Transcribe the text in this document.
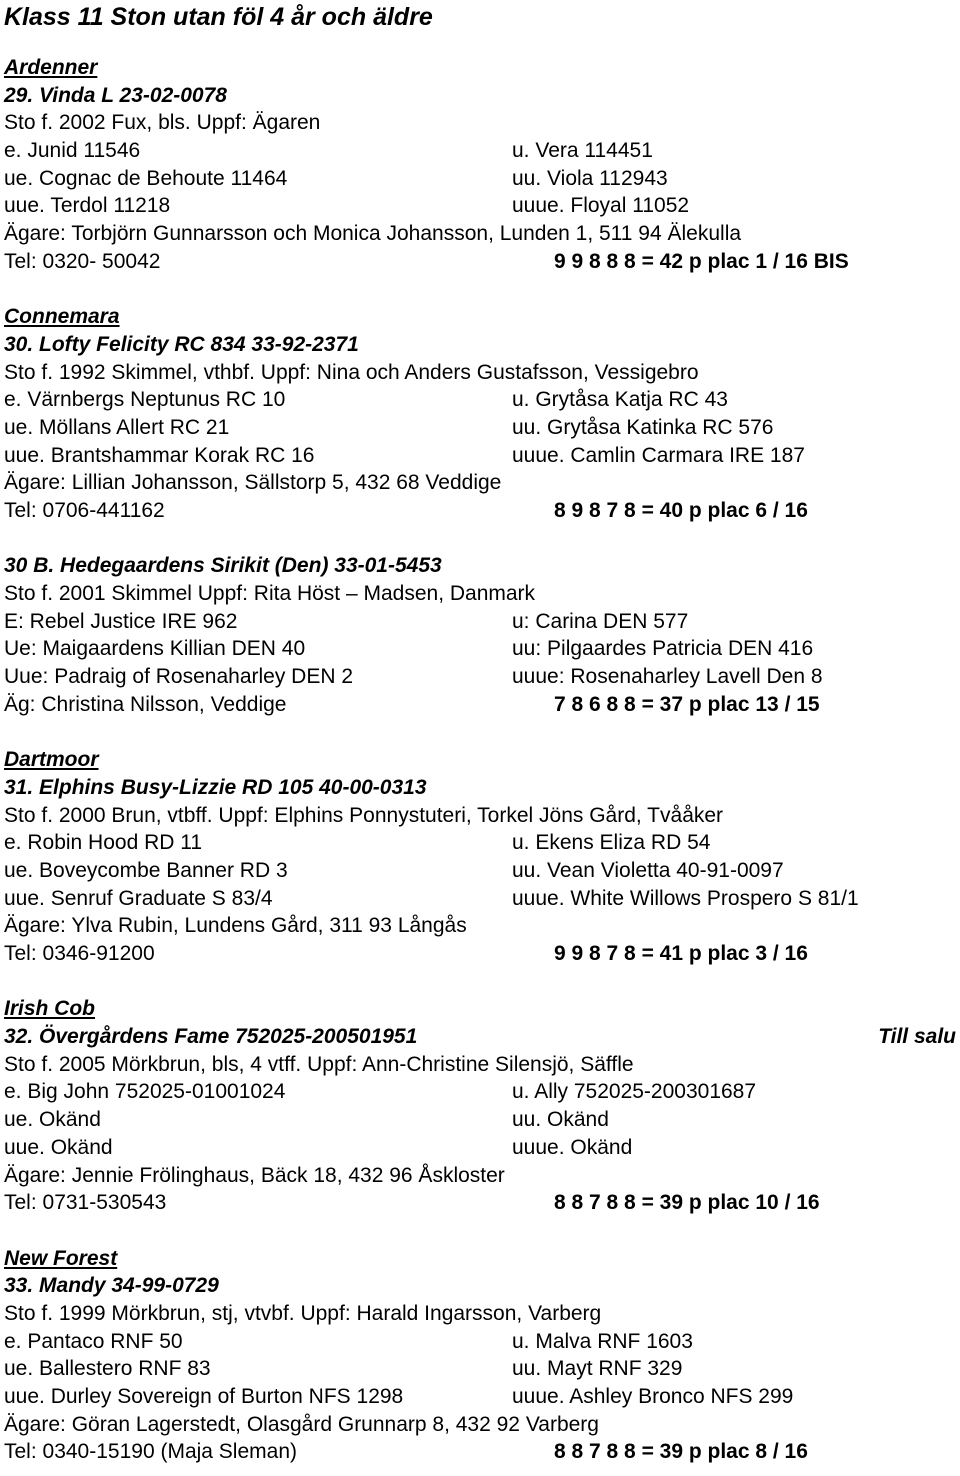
Klass 11 Ston utan föl 4 år och äldre
Ardenner
29. Vinda L 23-02-0078
Sto f. 2002 Fux, bls. Uppf: Ägaren
e. Junid 11546	u. Vera 114451
ue. Cognac de Behoute 11464	uu. Viola 112943
uue. Terdol 11218	uuue. Floyal 11052
Ägare: Torbjörn Gunnarsson och Monica Johansson, Lunden 1, 511 94 Älekulla
Tel: 0320- 50042	9 9 8 8 8 = 42 p plac 1 / 16 BIS
Connemara
30. Lofty Felicity RC 834 33-92-2371
Sto f. 1992 Skimmel, vthbf. Uppf: Nina och Anders Gustafsson, Vessigebro
e. Värnbergs Neptunus RC 10	u. Grytåsa Katja RC 43
ue. Möllans Allert RC 21	uu. Grytåsa Katinka RC 576
uue. Brantshammar Korak RC 16	uuue. Camlin Carmara IRE 187
Ägare: Lillian Johansson, Sällstorp 5, 432 68 Veddige
Tel: 0706-441162	8 9 8 7 8 = 40 p plac 6 / 16
30 B. Hedegaardens Sirikit (Den) 33-01-5453
Sto f. 2001 Skimmel Uppf: Rita Höst – Madsen, Danmark
E: Rebel Justice IRE 962	u: Carina DEN 577
Ue: Maigaardens Killian DEN 40	uu: Pilgaardes Patricia DEN 416
Uue: Padraig of Rosenaharley DEN 2	uuue: Rosenaharley Lavell Den 8
Äg: Christina Nilsson, Veddige	7 8 6 8 8 = 37 p plac 13 / 15
Dartmoor
31. Elphins Busy-Lizzie RD 105 40-00-0313
Sto f. 2000 Brun, vtbff. Uppf: Elphins Ponnystuteri, Torkel Jöns Gård, Tvååker
e. Robin Hood RD 11	u. Ekens Eliza RD 54
ue. Boveycombe Banner RD 3	uu. Vean Violetta 40-91-0097
uue. Senruf Graduate S 83/4	uuue. White Willows Prospero S 81/1
Ägare: Ylva Rubin, Lundens Gård, 311 93 Långås
Tel: 0346-91200	9 9 8 7 8 = 41 p plac 3 / 16
Irish Cob
32. Övergårdens Fame 752025-200501951	Till salu
Sto f. 2005 Mörkbrun, bls, 4 vtff. Uppf: Ann-Christine Silensjö, Säffle
e. Big John 752025-01001024	u. Ally 752025-200301687
ue. Okänd	uu. Okänd
uue. Okänd	uuue. Okänd
Ägare: Jennie Frölinghaus, Bäck 18, 432 96 Åskloster
Tel: 0731-530543	8 8 7 8 8 = 39 p plac 10 / 16
New Forest
33. Mandy 34-99-0729
Sto f. 1999 Mörkbrun, stj, vtvbf. Uppf: Harald Ingarsson, Varberg
e. Pantaco RNF 50	u. Malva RNF 1603
ue. Ballestero RNF 83	uu. Mayt RNF 329
uue. Durley Sovereign of Burton NFS 1298	uuue. Ashley Bronco NFS 299
Ägare: Göran Lagerstedt, Olasgård Grunnarp 8, 432 92 Varberg
Tel: 0340-15190 (Maja Sleman)	8 8 7 8 8 = 39 p plac 8 / 16
